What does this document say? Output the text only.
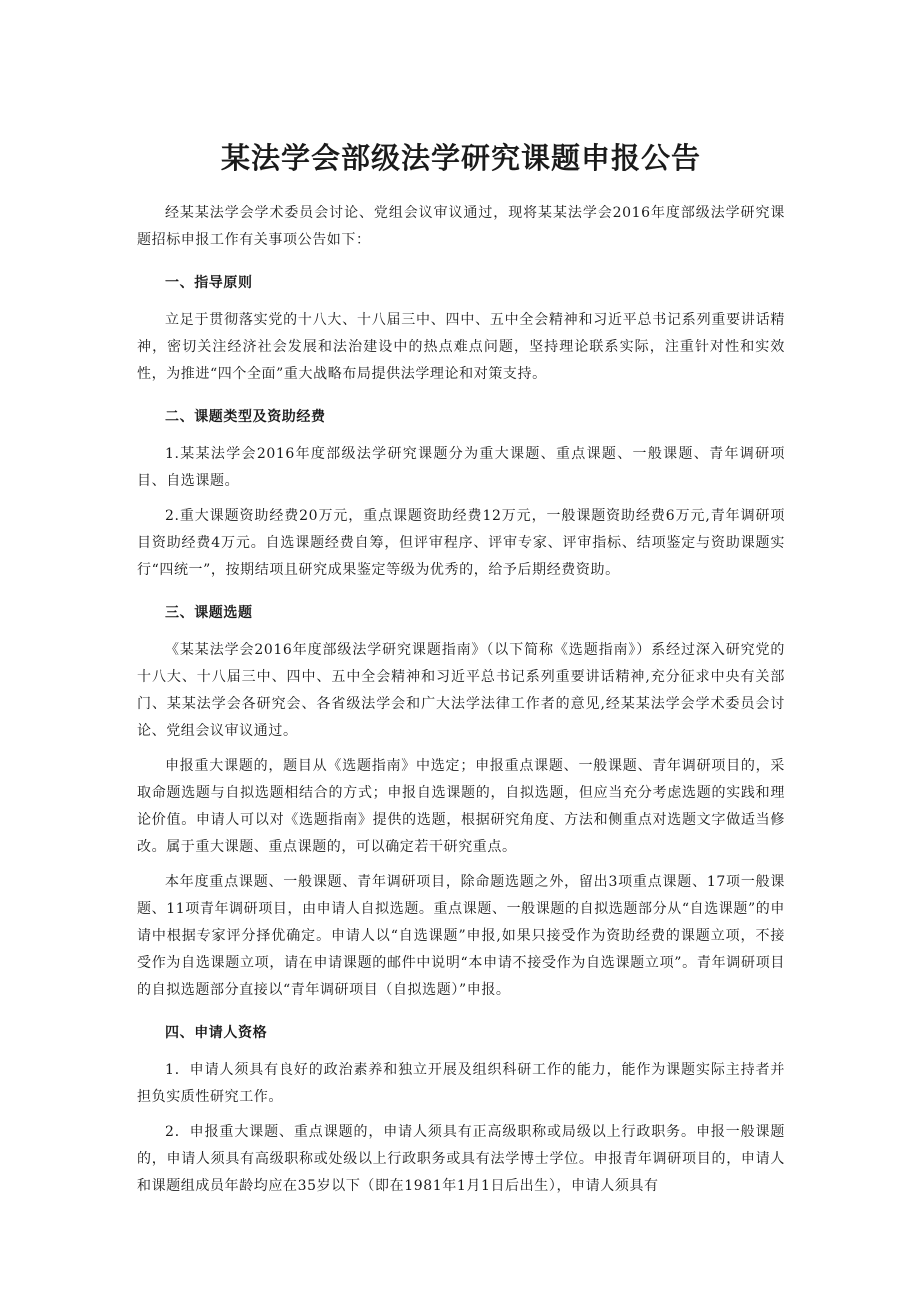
某法学会部级法学研究课题申报公告

经某某法学会学术委员会讨论、党组会议审议通过，现将某某法学会2016年度部级法学研究课题招标申报工作有关事项公告如下：

一、指导原则

立足于贯彻落实党的十八大、十八届三中、四中、五中全会精神和习近平总书记系列重要讲话精神，密切关注经济社会发展和法治建设中的热点难点问题，坚持理论联系实际，注重针对性和实效性，为推进“四个全面”重大战略布局提供法学理论和对策支持。

二、课题类型及资助经费

1.某某法学会2016年度部级法学研究课题分为重大课题、重点课题、一般课题、青年调研项目、自选课题。

2.重大课题资助经费20万元，重点课题资助经费12万元，一般课题资助经费6万元,青年调研项目资助经费4万元。自选课题经费自筹，但评审程序、评审专家、评审指标、结项鉴定与资助课题实行“四统一”，按期结项且研究成果鉴定等级为优秀的，给予后期经费资助。

三、课题选题

《某某法学会2016年度部级法学研究课题指南》（以下简称《选题指南》）系经过深入研究党的十八大、十八届三中、四中、五中全会精神和习近平总书记系列重要讲话精神,充分征求中央有关部门、某某法学会各研究会、各省级法学会和广大法学法律工作者的意见,经某某法学会学术委员会讨论、党组会议审议通过。

申报重大课题的，题目从《选题指南》中选定；申报重点课题、一般课题、青年调研项目的，采取命题选题与自拟选题相结合的方式；申报自选课题的，自拟选题，但应当充分考虑选题的实践和理论价值。申请人可以对《选题指南》提供的选题，根据研究角度、方法和侧重点对选题文字做适当修改。属于重大课题、重点课题的，可以确定若干研究重点。

本年度重点课题、一般课题、青年调研项目，除命题选题之外，留出3项重点课题、17项一般课题、11项青年调研项目，由申请人自拟选题。重点课题、一般课题的自拟选题部分从“自选课题”的申请中根据专家评分择优确定。申请人以“自选课题”申报,如果只接受作为资助经费的课题立项，不接受作为自选课题立项，请在申请课题的邮件中说明“本申请不接受作为自选课题立项”。青年调研项目的自拟选题部分直接以“青年调研项目（自拟选题）”申报。

四、申请人资格

1．申请人须具有良好的政治素养和独立开展及组织科研工作的能力，能作为课题实际主持者并担负实质性研究工作。

2．申报重大课题、重点课题的，申请人须具有正高级职称或局级以上行政职务。申报一般课题的，申请人须具有高级职称或处级以上行政职务或具有法学博士学位。申报青年调研项目的，申请人和课题组成员年龄均应在35岁以下（即在1981年1月1日后出生），申请人须具有
